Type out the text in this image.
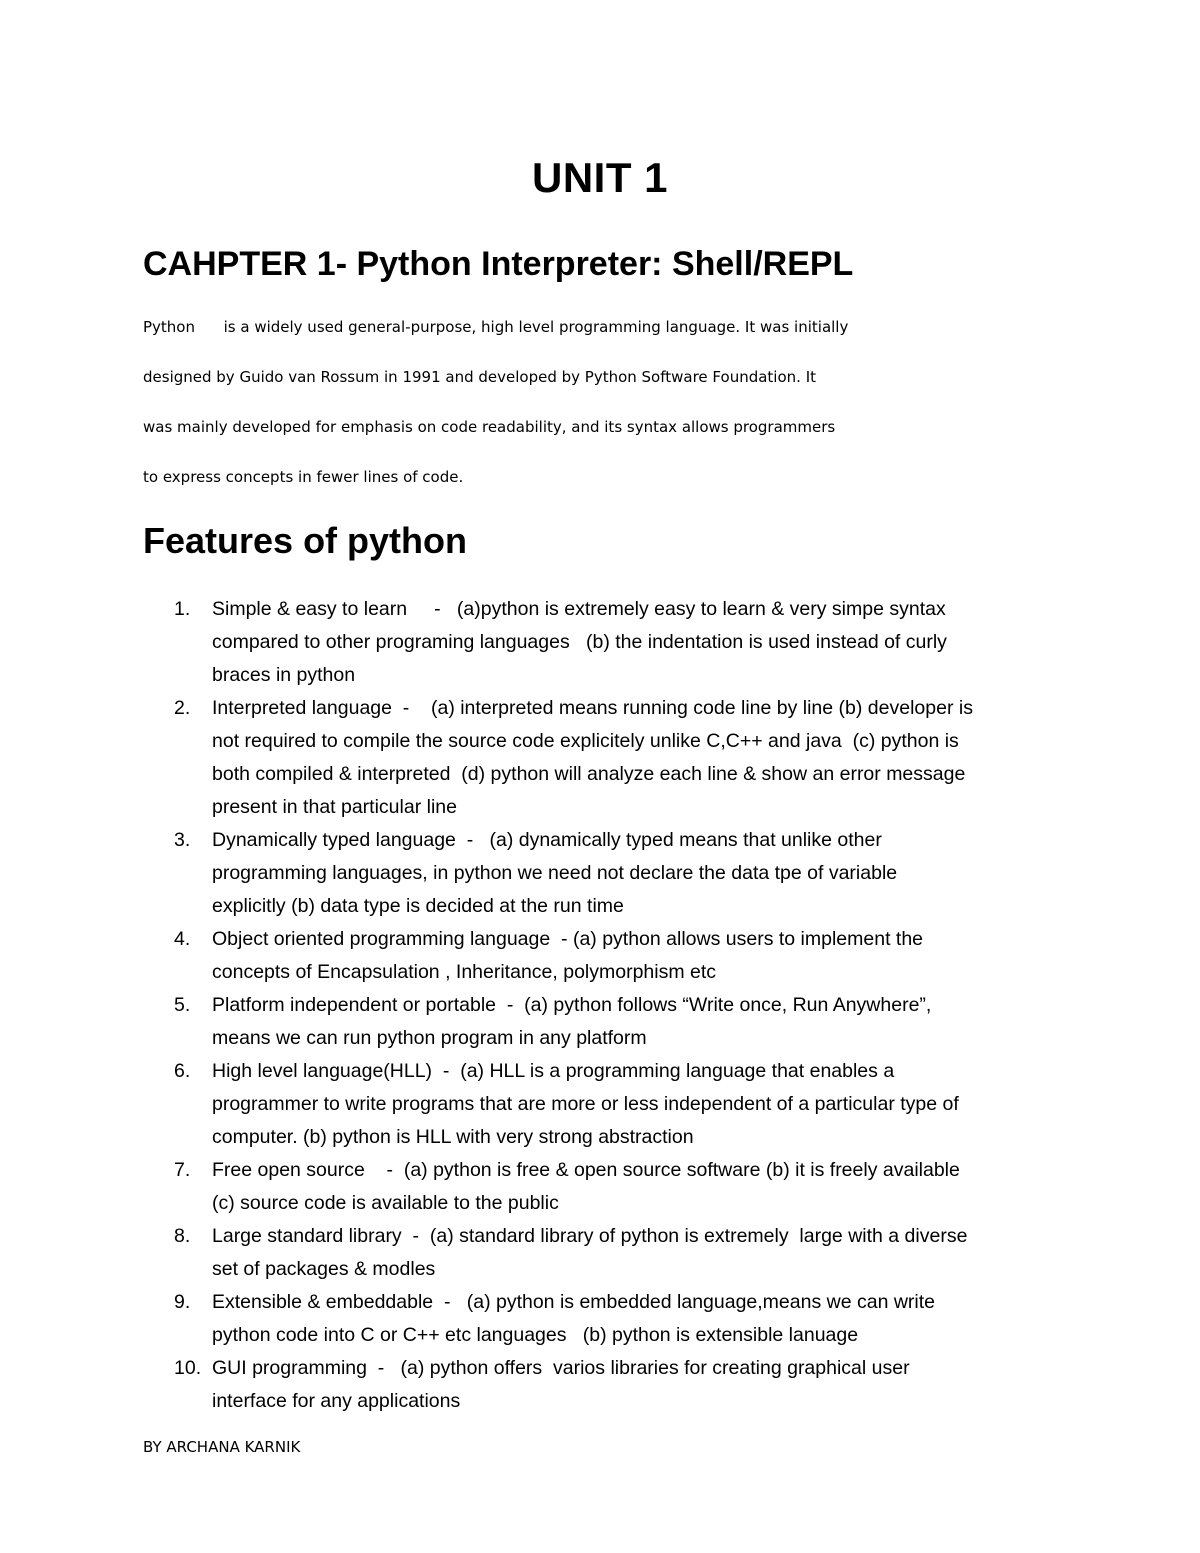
UNIT 1
CAHPTER 1- Python Interpreter: Shell/REPL
Python      is a widely used general-purpose, high level programming language. It was initially
designed by Guido van Rossum in 1991 and developed by Python Software Foundation. It
was mainly developed for emphasis on code readability, and its syntax allows programmers
to express concepts in fewer lines of code.
Features of python
1. Simple & easy to learn     -   (a)python is extremely easy to learn & very simpe syntax
compared to other programing languages   (b) the indentation is used instead of curly
braces in python
2. Interpreted language  -    (a) interpreted means running code line by line (b) developer is
not required to compile the source code explicitely unlike C,C++ and java  (c) python is
both compiled & interpreted  (d) python will analyze each line & show an error message
present in that particular line
3. Dynamically typed language  -   (a) dynamically typed means that unlike other
programming languages, in python we need not declare the data tpe of variable
explicitly (b) data type is decided at the run time
4. Object oriented programming language  - (a) python allows users to implement the
concepts of Encapsulation , Inheritance, polymorphism etc
5. Platform independent or portable  -  (a) python follows “Write once, Run Anywhere”,
means we can run python program in any platform
6. High level language(HLL)  -  (a) HLL is a programming language that enables a
programmer to write programs that are more or less independent of a particular type of
computer. (b) python is HLL with very strong abstraction
7. Free open source    -  (a) python is free & open source software (b) it is freely available
(c) source code is available to the public
8. Large standard library  -  (a) standard library of python is extremely  large with a diverse
set of packages & modles
9. Extensible & embeddable  -   (a) python is embedded language,means we can write
python code into C or C++ etc languages   (b) python is extensible lanuage
10. GUI programming  -   (a) python offers  varios libraries for creating graphical user
interface for any applications
BY ARCHANA KARNIK
